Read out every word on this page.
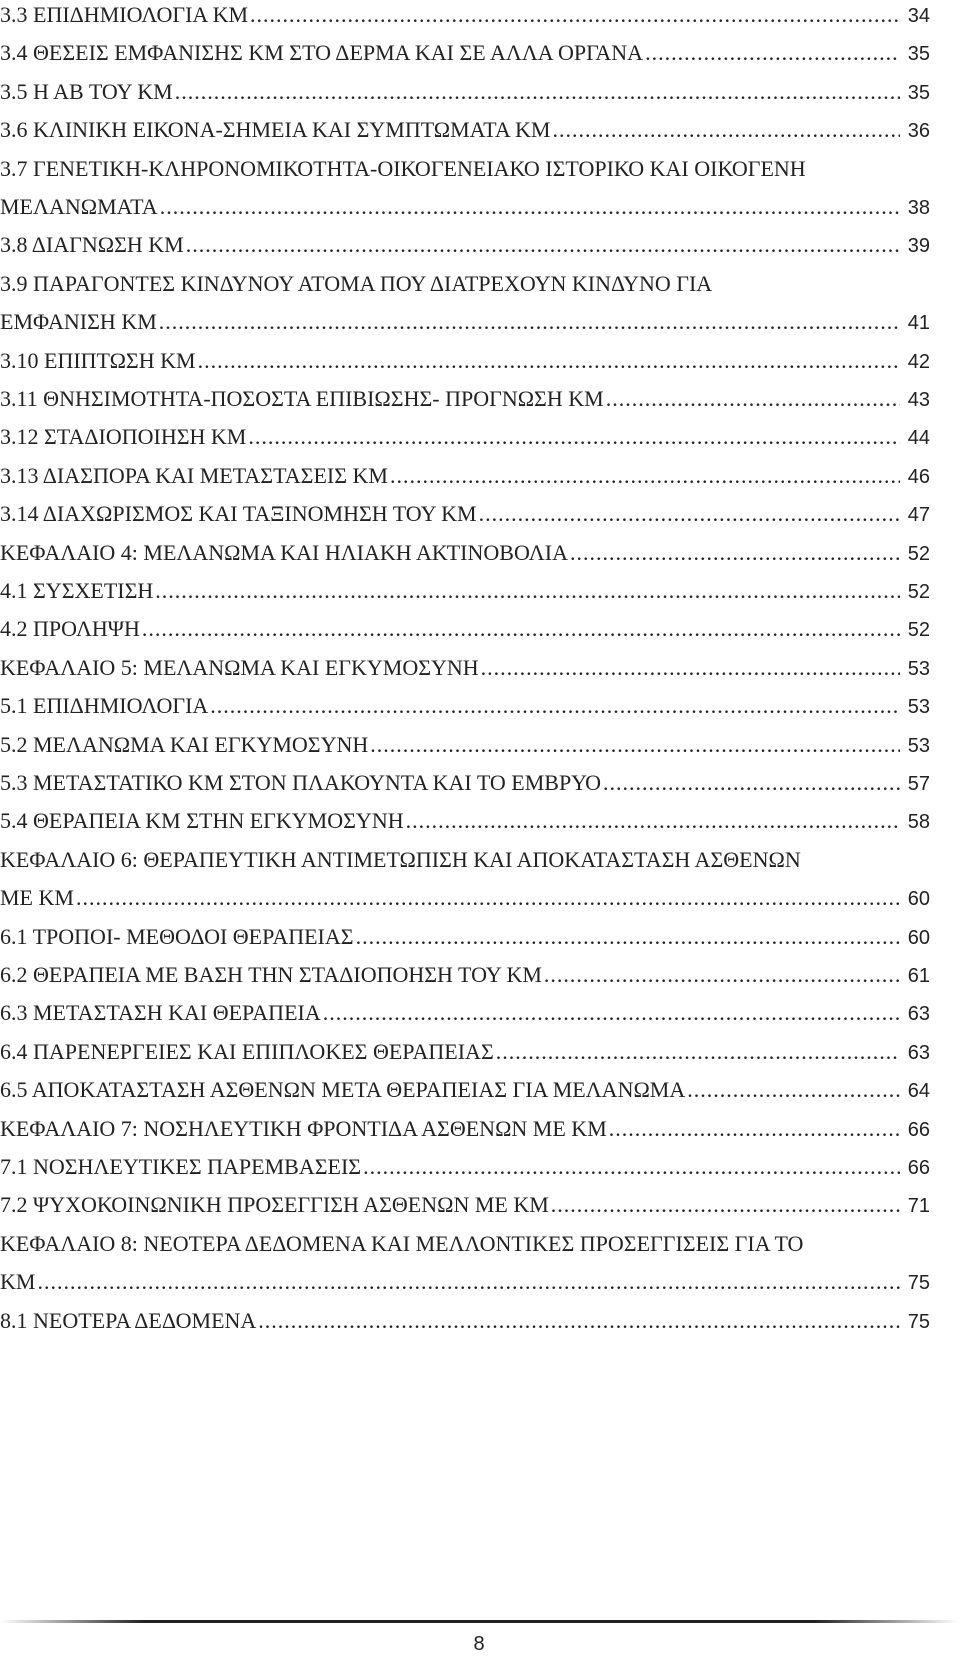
3.3 ΕΠΙΔΗΜΙΟΛΟΓΙΑ ΚΜ .....	34
3.4 ΘΕΣΕΙΣ ΕΜΦΑΝΙΣΗΣ ΚΜ ΣΤΟ ΔΕΡΜΑ ΚΑΙ ΣΕ ΑΛΛΑ ΟΡΓΑΝΑ .....	35
3.5 Η ΑΒ ΤΟΥ ΚΜ .....	35
3.6 ΚΛΙΝΙΚΗ ΕΙΚΟΝΑ-ΣΗΜΕΙΑ ΚΑΙ ΣΥΜΠΤΩΜΑΤΑ ΚΜ .....	36
3.7 ΓΕΝΕΤΙΚΗ-ΚΛΗΡΟΝΟΜΙΚΟΤΗΤΑ-ΟΙΚΟΓΕΝΕΙΑΚΟ ΙΣΤΟΡΙΚΟ ΚΑΙ ΟΙΚΟΓΕΝΗ
ΜΕΛΑΝΩΜΑΤΑ .....	38
3.8 ΔΙΑΓΝΩΣΗ ΚΜ .....	39
3.9 ΠΑΡΑΓΟΝΤΕΣ ΚΙΝΔΥΝΟΥ ΑΤΟΜΑ ΠΟΥ ΔΙΑΤΡΕΧΟΥΝ ΚΙΝΔΥΝΟ ΓΙΑ
ΕΜΦΑΝΙΣΗ ΚΜ .....	41
3.10 ΕΠΙΠΤΩΣΗ ΚΜ .....	42
3.11 ΘΝΗΣΙΜΟΤΗΤΑ-ΠΟΣΟΣΤΑ ΕΠΙΒΙΩΣΗΣ- ΠΡΟΓΝΩΣΗ ΚΜ .....	43
3.12 ΣΤΑΔΙΟΠΟΙΗΣΗ ΚΜ .....	44
3.13 ΔΙΑΣΠΟΡΑ ΚΑΙ ΜΕΤΑΣΤΑΣΕΙΣ ΚΜ .....	46
3.14 ΔΙΑΧΩΡΙΣΜΟΣ ΚΑΙ ΤΑΞΙΝΟΜΗΣΗ ΤΟΥ ΚΜ .....	47
ΚΕΦΑΛΑΙΟ 4: ΜΕΛΑΝΩΜΑ ΚΑΙ ΗΛΙΑΚΗ ΑΚΤΙΝΟΒΟΛΙΑ .....	52
4.1 ΣΥΣΧΕΤΙΣΗ .....	52
4.2 ΠΡΟΛΗΨΗ .....	52
ΚΕΦΑΛΑΙΟ 5: ΜΕΛΑΝΩΜΑ ΚΑΙ ΕΓΚΥΜΟΣΥΝΗ .....	53
5.1 ΕΠΙΔΗΜΙΟΛΟΓΙΑ .....	53
5.2 ΜΕΛΑΝΩΜΑ ΚΑΙ ΕΓΚΥΜΟΣΥΝΗ .....	53
5.3 ΜΕΤΑΣΤΑΤΙΚΟ ΚΜ ΣΤΟΝ ΠΛΑΚΟΥΝΤΑ ΚΑΙ ΤΟ ΕΜΒΡΥΟ .....	57
5.4 ΘΕΡΑΠΕΙΑ ΚΜ ΣΤΗΝ ΕΓΚΥΜΟΣΥΝΗ .....	58
ΚΕΦΑΛΑΙΟ 6: ΘΕΡΑΠΕΥΤΙΚΗ ΑΝΤΙΜΕΤΩΠΙΣΗ ΚΑΙ ΑΠΟΚΑΤΑΣΤΑΣΗ ΑΣΘΕΝΩΝ
ΜΕ ΚΜ .....	60
6.1 ΤΡΟΠΟΙ- ΜΕΘΟΔΟΙ ΘΕΡΑΠΕΙΑΣ .....	60
6.2 ΘΕΡΑΠΕΙΑ ΜΕ ΒΑΣΗ ΤΗΝ ΣΤΑΔΙΟΠΟΗΣΗ ΤΟΥ ΚΜ .....	61
6.3 ΜΕΤΑΣΤΑΣΗ ΚΑΙ ΘΕΡΑΠΕΙΑ .....	63
6.4 ΠΑΡΕΝΕΡΓΕΙΕΣ ΚΑΙ ΕΠΙΠΛΟΚΕΣ ΘΕΡΑΠΕΙΑΣ .....	63
6.5 ΑΠΟΚΑΤΑΣΤΑΣΗ ΑΣΘΕΝΩΝ ΜΕΤΑ ΘΕΡΑΠΕΙΑΣ ΓΙΑ ΜΕΛΑΝΩΜΑ .....	64
ΚΕΦΑΛΑΙΟ 7: ΝΟΣΗΛΕΥΤΙΚΗ ΦΡΟΝΤΙΔΑ ΑΣΘΕΝΩΝ ΜΕ ΚΜ .....	66
7.1 ΝΟΣΗΛΕΥΤΙΚΕΣ ΠΑΡΕΜΒΑΣΕΙΣ .....	66
7.2 ΨΥΧΟΚΟΙΝΩΝΙΚΗ ΠΡΟΣΕΓΓΙΣΗ ΑΣΘΕΝΩΝ ΜΕ ΚΜ .....	71
ΚΕΦΑΛΑΙΟ 8: ΝΕΟΤΕΡΑ ΔΕΔΟΜΕΝΑ ΚΑΙ ΜΕΛΛΟΝΤΙΚΕΣ ΠΡΟΣΕΓΓΙΣΕΙΣ ΓΙΑ ΤΟ
ΚΜ .....	75
8.1 ΝΕΟΤΕΡΑ ΔΕΔΟΜΕΝΑ .....	75
8
